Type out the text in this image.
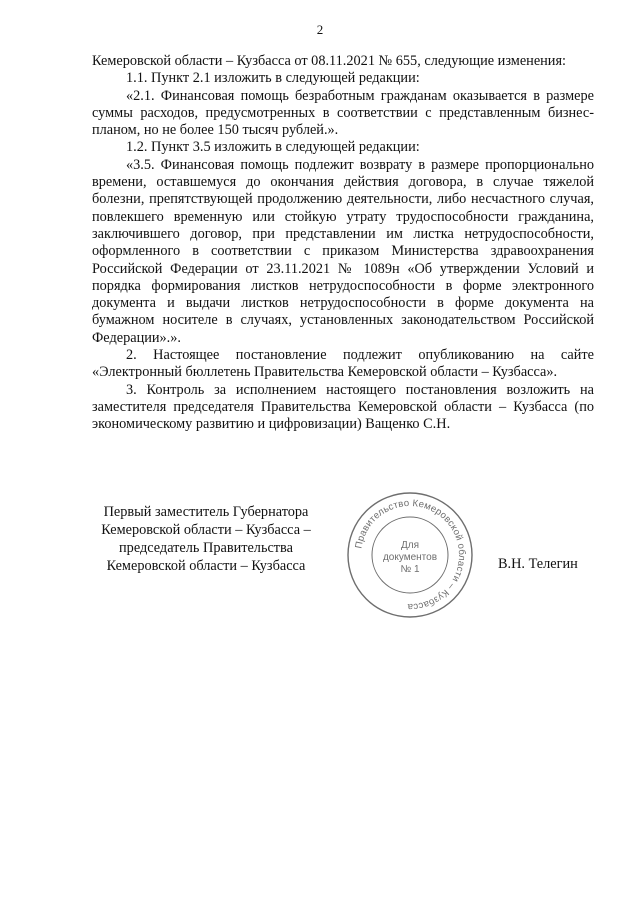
2

Кемеровской области – Кузбасса от 08.11.2021 № 655, следующие изменения:

1.1. Пункт 2.1 изложить в следующей редакции:

«2.1. Финансовая помощь безработным гражданам оказывается в размере суммы расходов, предусмотренных в соответствии с представленным бизнес-планом, но не более 150 тысяч рублей.».

1.2. Пункт 3.5 изложить в следующей редакции:

«3.5. Финансовая помощь подлежит возврату в размере пропорционально времени, оставшемуся до окончания действия договора, в случае тяжелой болезни, препятствующей продолжению деятельности, либо несчастного случая, повлекшего временную или стойкую утрату трудоспособности гражданина, заключившего договор, при представлении им листка нетрудоспособности, оформленного в соответствии с приказом Министерства здравоохранения Российской Федерации от 23.11.2021 № 1089н «Об утверждении Условий и порядка формирования листков нетрудоспособности в форме электронного документа и выдачи листков нетрудоспособности в форме документа на бумажном носителе в случаях, установленных законодательством Российской Федерации».».

2. Настоящее постановление подлежит опубликованию на сайте «Электронный бюллетень Правительства Кемеровской области – Кузбасса».

3. Контроль за исполнением настоящего постановления возложить на заместителя председателя Правительства Кемеровской области – Кузбасса (по экономическому развитию и цифровизации) Ващенко С.Н.

Первый заместитель Губернатора
Кемеровской области – Кузбасса –
председатель Правительства
Кемеровской области – Кузбасса
Правительство Кемеровской области – Кузбасса
Для
документов
№ 1	В.Н. Телегин
